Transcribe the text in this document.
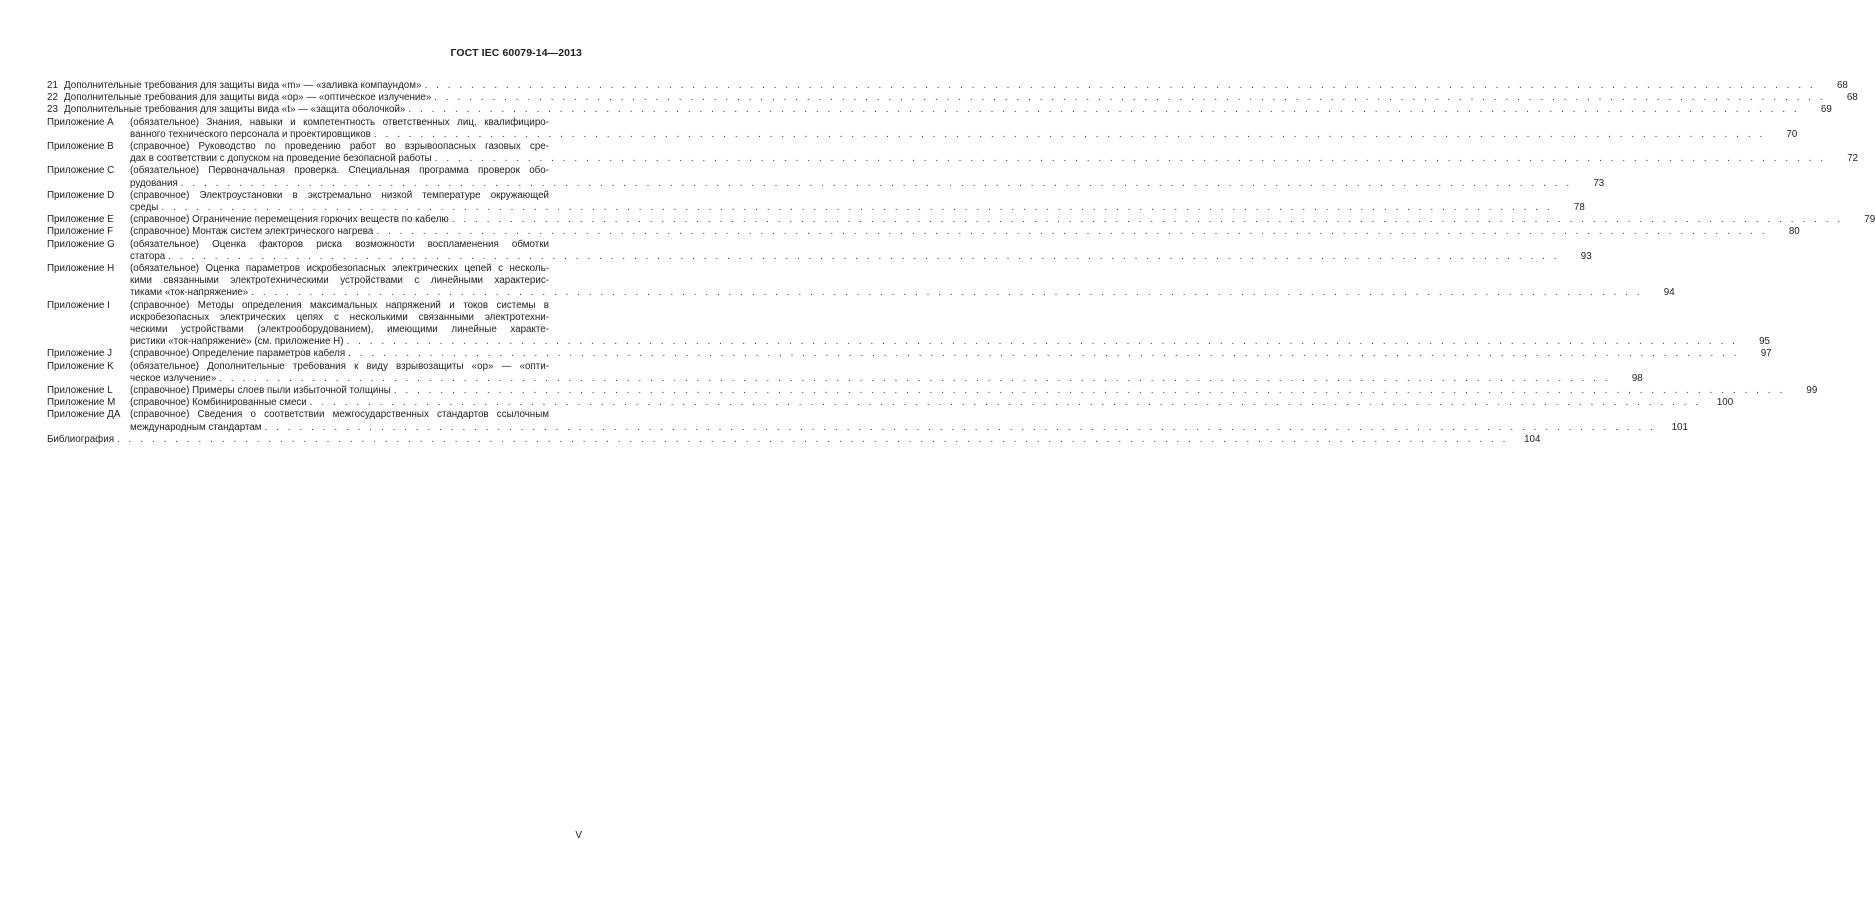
ГОСТ IEC 60079-14—2013
21 Дополнительные требования для защиты вида «m» — «заливка компаундом» . . . . . . . . . . . . . . . . . . . . . . . . . . . . . . . . . . . . . . . . . . . . . . . . . . . . . . . . . . . . . . . . . . . . . . . . . . . . . . . . . . . . . . . . . . . . . . . . . . . . . . . . . . . . . . . . . . . . . . . .	68
22 Дополнительные требования для защиты вида «op» — «оптическое излучение» . . . . . . . . . . . . . . . . . . . . . . . . . . . . . . . . . . . . . . . . . . . . . . . . . . . . . . . . . . . . . . . . . . . . . . . . . . . . . . . . . . . . . . . . . . . . . . . . . . . . . . . . . . . . . . . . . . . . . . . .	68
23 Дополнительные требования для защиты вида «t» — «защита оболочкой» . . . . . . . . . . . . . . . . . . . . . . . . . . . . . . . . . . . . . . . . . . . . . . . . . . . . . . . . . . . . . . . . . . . . . . . . . . . . . . . . . . . . . . . . . . . . . . . . . . . . . . . . . . . . . . . . . . . . . . . .	69
Приложение А	(обязательное) Знания, навыки и компетентность ответственных лиц, квалифициро-
ванного технического персонала и проектировщиков . . . . . . . . . . . . . . . . . . . . . . . . . . . . . . . . . . . . . . . . . . . . . . . . . . . . . . . . . . . . . . . . . . . . . . . . . . . . . . . . . . . . . . . . . . . . . . . . . . . . . . . . . . . . . . . . . . . . . . . .	70
Приложение В	(справочное) Руководство по проведению работ во взрывоопасных газовых сре-
дах в соответствии с допуском на проведение безопасной работы . . . . . . . . . . . . . . . . . . . . . . . . . . . . . . . . . . . . . . . . . . . . . . . . . . . . . . . . . . . . . . . . . . . . . . . . . . . . . . . . . . . . . . . . . . . . . . . . . . . . . . . . . . . . . . . . . . . . . . . .	72
Приложение С	(обязательное) Первоначальная проверка. Специальная программа проверок обо-
рудования . . . . . . . . . . . . . . . . . . . . . . . . . . . . . . . . . . . . . . . . . . . . . . . . . . . . . . . . . . . . . . . . . . . . . . . . . . . . . . . . . . . . . . . . . . . . . . . . . . . . . . . . . . . . . . . . . . . . . . . .	73
Приложение D	(справочное) Электроустановки в экстремально низкой температуре окружающей
среды . . . . . . . . . . . . . . . . . . . . . . . . . . . . . . . . . . . . . . . . . . . . . . . . . . . . . . . . . . . . . . . . . . . . . . . . . . . . . . . . . . . . . . . . . . . . . . . . . . . . . . . . . . . . . . . . . . . . . . . .	78
Приложение Е	(справочное) Ограничение перемещения горючих веществ по кабелю . . . . . . . . . . . . . . . . . . . . . . . . . . . . . . . . . . . . . . . . . . . . . . . . . . . . . . . . . . . . . . . . . . . . . . . . . . . . . . . . . . . . . . . . . . . . . . . . . . . . . . . . . . . . . . . . . . . . . . . .	79
Приложение F	(справочное) Монтаж систем электрического нагрева . . . . . . . . . . . . . . . . . . . . . . . . . . . . . . . . . . . . . . . . . . . . . . . . . . . . . . . . . . . . . . . . . . . . . . . . . . . . . . . . . . . . . . . . . . . . . . . . . . . . . . . . . . . . . . . . . . . . . . . .	80
Приложение G	(обязательное) Оценка факторов риска возможности воспламенения обмотки
статора . . . . . . . . . . . . . . . . . . . . . . . . . . . . . . . . . . . . . . . . . . . . . . . . . . . . . . . . . . . . . . . . . . . . . . . . . . . . . . . . . . . . . . . . . . . . . . . . . . . . . . . . . . . . . . . . . . . . . . . .	93
Приложение Н	(обязательное) Оценка параметров искробезопасных электрических цепей с несколь-
кими связанными электротехническими устройствами с линейными характерис-
тиками «ток-напряжение» . . . . . . . . . . . . . . . . . . . . . . . . . . . . . . . . . . . . . . . . . . . . . . . . . . . . . . . . . . . . . . . . . . . . . . . . . . . . . . . . . . . . . . . . . . . . . . . . . . . . . . . . . . . . . . . . . . . . . . . .	94
Приложение I	(справочное) Методы определения максимальных напряжений и токов системы в
искробезопасных электрических цепях с несколькими связанными электротехни-
ческими устройствами (электрооборудованием), имеющими линейные характе-
ристики «ток-напряжение» (см. приложение Н) . . . . . . . . . . . . . . . . . . . . . . . . . . . . . . . . . . . . . . . . . . . . . . . . . . . . . . . . . . . . . . . . . . . . . . . . . . . . . . . . . . . . . . . . . . . . . . . . . . . . . . . . . . . . . . . . . . . . . . . .	95
Приложение J	(справочное) Определение параметров кабеля . . . . . . . . . . . . . . . . . . . . . . . . . . . . . . . . . . . . . . . . . . . . . . . . . . . . . . . . . . . . . . . . . . . . . . . . . . . . . . . . . . . . . . . . . . . . . . . . . . . . . . . . . . . . . . . . . . . . . . . .	97
Приложение K	(обязательное) Дополнительные требования к виду взрывозащиты «op» — «опти-
ческое излучение» . . . . . . . . . . . . . . . . . . . . . . . . . . . . . . . . . . . . . . . . . . . . . . . . . . . . . . . . . . . . . . . . . . . . . . . . . . . . . . . . . . . . . . . . . . . . . . . . . . . . . . . . . . . . . . . . . . . . . . . .	98
Приложение L	(справочное) Примеры слоев пыли избыточной толщины . . . . . . . . . . . . . . . . . . . . . . . . . . . . . . . . . . . . . . . . . . . . . . . . . . . . . . . . . . . . . . . . . . . . . . . . . . . . . . . . . . . . . . . . . . . . . . . . . . . . . . . . . . . . . . . . . . . . . . . .	99
Приложение М	(справочное) Комбинированные смеси . . . . . . . . . . . . . . . . . . . . . . . . . . . . . . . . . . . . . . . . . . . . . . . . . . . . . . . . . . . . . . . . . . . . . . . . . . . . . . . . . . . . . . . . . . . . . . . . . . . . . . . . . . . . . . . . . . . . . . . .	100
Приложение ДА (справочное) Сведения о соответствии межгосударственных стандартов ссылочным
международным стандартам . . . . . . . . . . . . . . . . . . . . . . . . . . . . . . . . . . . . . . . . . . . . . . . . . . . . . . . . . . . . . . . . . . . . . . . . . . . . . . . . . . . . . . . . . . . . . . . . . . . . . . . . . . . . . . . . . . . . . . . .	101
Библиография . . . . . . . . . . . . . . . . . . . . . . . . . . . . . . . . . . . . . . . . . . . . . . . . . . . . . . . . . . . . . . . . . . . . . . . . . . . . . . . . . . . . . . . . . . . . . . . . . . . . . . . . . . . . . . . . . . . . . . . .	104
V
